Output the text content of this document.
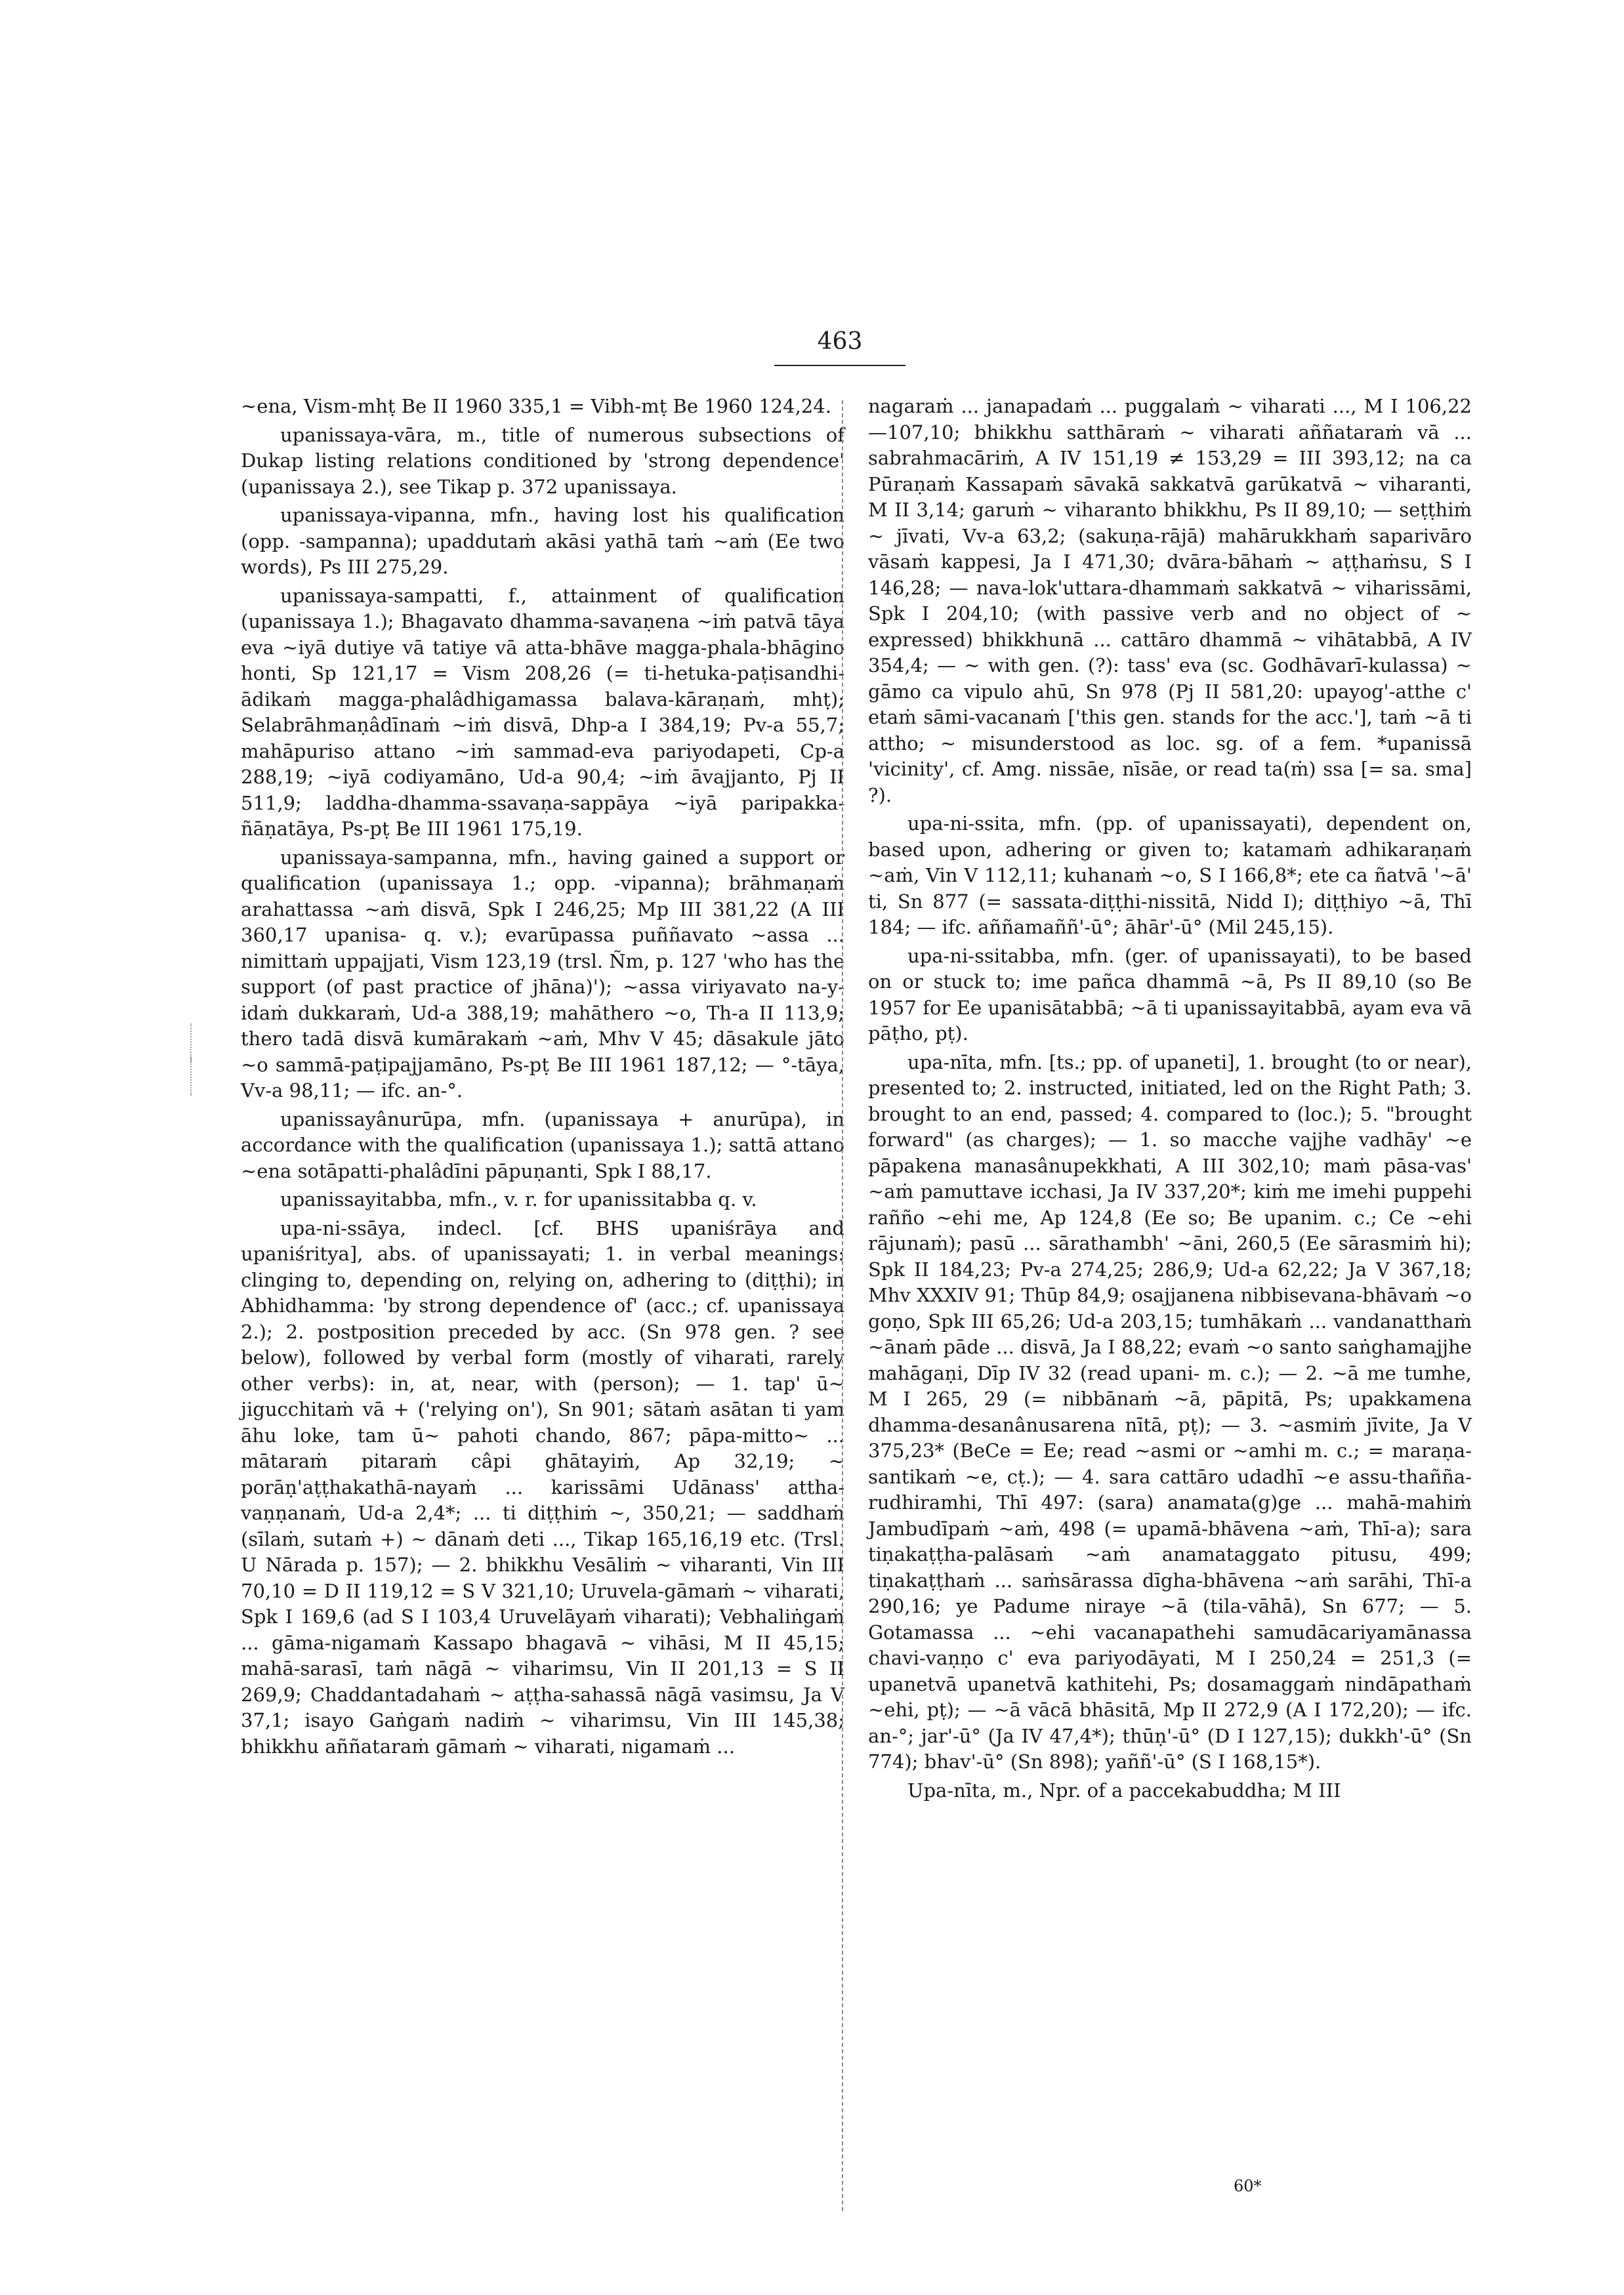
463

~ena, Vism-mhṭ Be II 1960 335,1 = Vibh-mṭ Be 1960 124,24.

upanissaya-vāra, m., title of numerous subsections of Dukap listing relations conditioned by 'strong dependence' (upanissaya 2.), see Tikap p. 372 upanissaya.

upanissaya-vipanna, mfn., having lost his qualification (opp. -sampanna); upaddutaṁ akāsi yathā taṁ ~aṁ (Ee two words), Ps III 275,29.

upanissaya-sampatti, f., attainment of qualification (upanissaya 1.); Bhagavato dhamma-savaṇena ~iṁ patvā tāya eva ~iyā dutiye vā tatiye vā atta-bhāve magga-phala-bhāgino honti, Sp 121,17 = Vism 208,26 (= ti-hetuka-paṭisandhi-ādikaṁ magga-phalâdhigamassa balava-kāraṇaṁ, mhṭ); Selabrāhmaṇâdīnaṁ ~iṁ disvā, Dhp-a I 384,19; Pv-a 55,7; mahāpuriso attano ~iṁ sammad-eva pariyodapeti, Cp-a 288,19; ~iyā codiyamāno, Ud-a 90,4; ~iṁ āvajjanto, Pj II 511,9; laddha-dhamma-ssavaṇa-sappāya ~iyā paripakka-ñāṇatāya, Ps-pṭ Be III 1961 175,19.

upanissaya-sampanna, mfn., having gained a support or qualification (upanissaya 1.; opp. -vipanna); brāhmaṇaṁ arahattassa ~aṁ disvā, Spk I 246,25; Mp III 381,22 (A III 360,17 upanisa- q. v.); evarūpassa puññavato ~assa ... nimittaṁ uppajjati, Vism 123,19 (trsl. Ñm, p. 127 'who has the support (of past practice of jhāna)'); ~assa viriyavato na-y-idaṁ dukkaraṁ, Ud-a 388,19; mahāthero ~o, Th-a II 113,9; thero tadā disvā kumārakaṁ ~aṁ, Mhv V 45; dāsakule jāto ~o sammā-paṭipajjamāno, Ps-pṭ Be III 1961 187,12; — °-tāya, Vv-a 98,11; — ifc. an-°.

upanissayânurūpa, mfn. (upanissaya + anurūpa), in accordance with the qualification (upanissaya 1.); sattā attano ~ena sotāpatti-phalâdīni pāpuṇanti, Spk I 88,17.

upanissayitabba, mfn., v. r. for upanissitabba q. v.

upa-ni-ssāya, indecl. [cf. BHS upaniśrāya and upaniśritya], abs. of upanissayati; 1. in verbal meanings: clinging to, depending on, relying on, adhering to (diṭṭhi); in Abhidhamma: 'by strong dependence of' (acc.; cf. upanissaya 2.); 2. postposition preceded by acc. (Sn 978 gen. ? see below), followed by verbal form (mostly of viharati, rarely other verbs): in, at, near, with (person); — 1. tap' ū~ jigucchitaṁ vā + ('relying on'), Sn 901; sātaṁ asātan ti yam āhu loke, tam ū~ pahoti chando, 867; pāpa-mitto~ ... mātaraṁ pitaraṁ câpi ghātayiṁ, Ap 32,19; ~ porāṇ'aṭṭhakathā-nayaṁ ... karissāmi Udānass' attha-vaṇṇanaṁ, Ud-a 2,4*; ... ti diṭṭhiṁ ~, 350,21; — saddhaṁ (sīlaṁ, sutaṁ +) ~ dānaṁ deti ..., Tikap 165,16,19 etc. (Trsl. U Nārada p. 157); — 2. bhikkhu Vesāliṁ ~ viharanti, Vin III 70,10 = D II 119,12 = S V 321,10; Uruvela-gāmaṁ ~ viharati, Spk I 169,6 (ad S I 103,4 Uruvelāyaṁ viharati); Vebhaliṅgaṁ ... gāma-nigamaṁ Kassapo bhagavā ~ vihāsi, M II 45,15; mahā-sarasī, taṁ nāgā ~ viharimsu, Vin II 201,13 = S II 269,9; Chaddantadahaṁ ~ aṭṭha-sahassā nāgā vasimsu, Ja V 37,1; isayo Gaṅgaṁ nadiṁ ~ viharimsu, Vin III 145,38; bhikkhu aññataraṁ gāmaṁ ~ viharati, nigamaṁ ...

nagaraṁ ... janapadaṁ ... puggalaṁ ~ viharati ..., M I 106,22—107,10; bhikkhu satthāraṁ ~ viharati aññataraṁ vā ... sabrahmacāriṁ, A IV 151,19 ≠ 153,29 = III 393,12; na ca Pūraṇaṁ Kassapaṁ sāvakā sakkatvā garūkatvā ~ viharanti, M II 3,14; garuṁ ~ viharanto bhikkhu, Ps II 89,10; — seṭṭhiṁ ~ jīvati, Vv-a 63,2; (sakuṇa-rājā) mahārukkhaṁ saparivāro vāsaṁ kappesi, Ja I 471,30; dvāra-bāhaṁ ~ aṭṭhaṁsu, S I 146,28; — nava-lok'uttara-dhammaṁ sakkatvā ~ viharissāmi, Spk I 204,10; (with passive verb and no object of ~ expressed) bhikkhunā ... cattāro dhammā ~ vihātabbā, A IV 354,4; — ~ with gen. (?): tass' eva (sc. Godhāvarī-kulassa) ~ gāmo ca vipulo ahū, Sn 978 (Pj II 581,20: upayog'-atthe c' etaṁ sāmi-vacanaṁ ['this gen. stands for the acc.'], taṁ ~ā ti attho; ~ misunderstood as loc. sg. of a fem. *upanissā 'vicinity', cf. Amg. nissāe, nīsāe, or read ta(ṁ) ssa [= sa. sma] ?).

upa-ni-ssita, mfn. (pp. of upanissayati), dependent on, based upon, adhering or given to; katamaṁ adhikaraṇaṁ ~aṁ, Vin V 112,11; kuhanaṁ ~o, S I 166,8*; ete ca ñatvā '~ā' ti, Sn 877 (= sassata-diṭṭhi-nissitā, Nidd I); diṭṭhiyo ~ā, Thī 184; — ifc. aññamaññ'-ū°; āhār'-ū° (Mil 245,15).

upa-ni-ssitabba, mfn. (ger. of upanissayati), to be based on or stuck to; ime pañca dhammā ~ā, Ps II 89,10 (so Be 1957 for Ee upanisātabbā; ~ā ti upanissayitabbā, ayam eva vā pāṭho, pṭ).

upa-nīta, mfn. [ts.; pp. of upaneti], 1. brought (to or near), presented to; 2. instructed, initiated, led on the Right Path; 3. brought to an end, passed; 4. compared to (loc.); 5. "brought forward" (as charges); — 1. so macche vajjhe vadhāy' ~e pāpakena manasânupekkhati, A III 302,10; maṁ pāsa-vas' ~aṁ pamuttave icchasi, Ja IV 337,20*; kiṁ me imehi puppehi rañño ~ehi me, Ap 124,8 (Ee so; Be upanim. c.; Ce ~ehi rājunaṁ); pasū ... sārathambh' ~āni, 260,5 (Ee sārasmiṁ hi); Spk II 184,23; Pv-a 274,25; 286,9; Ud-a 62,22; Ja V 367,18; Mhv XXXIV 91; Thūp 84,9; osajjanena nibbisevana-bhāvaṁ ~o goṇo, Spk III 65,26; Ud-a 203,15; tumhākaṁ ... vandanatthaṁ ~ānaṁ pāde ... disvā, Ja I 88,22; evaṁ ~o santo saṅghamajjhe mahāgaṇi, Dīp IV 32 (read upani- m. c.); — 2. ~ā me tumhe, M I 265, 29 (= nibbānaṁ ~ā, pāpitā, Ps; upakkamena dhamma-desanânusarena nītā, pṭ); — 3. ~asmiṁ jīvite, Ja V 375,23* (BeCe = Ee; read ~asmi or ~amhi m. c.; = maraṇa-santikaṁ ~e, cṭ.); — 4. sara cattāro udadhī ~e assu-thañña-rudhiramhi, Thī 497: (sara) anamata(g)ge ... mahā-mahiṁ Jambudīpaṁ ~aṁ, 498 (= upamā-bhāvena ~aṁ, Thī-a); sara tiṇakaṭṭha-palāsaṁ ~aṁ anamataggato pitusu, 499; tiṇakaṭṭhaṁ ... saṁsārassa dīgha-bhāvena ~aṁ sarāhi, Thī-a 290,16; ye Padume niraye ~ā (tila-vāhā), Sn 677; — 5. Gotamassa ... ~ehi vacanapathehi samudācariyamānassa chavi-vaṇṇo c' eva pariyodāyati, M I 250,24 = 251,3 (= upanetvā upanetvā kathitehi, Ps; dosamaggaṁ nindāpathaṁ ~ehi, pṭ); — ~ā vācā bhāsitā, Mp II 272,9 (A I 172,20); — ifc. an-°; jar'-ū° (Ja IV 47,4*); thūṇ'-ū° (D I 127,15); dukkh'-ū° (Sn 774); bhav'-ū° (Sn 898); yaññ'-ū° (S I 168,15*).

Upa-nīta, m., Npr. of a paccekabuddha; M III

60*
